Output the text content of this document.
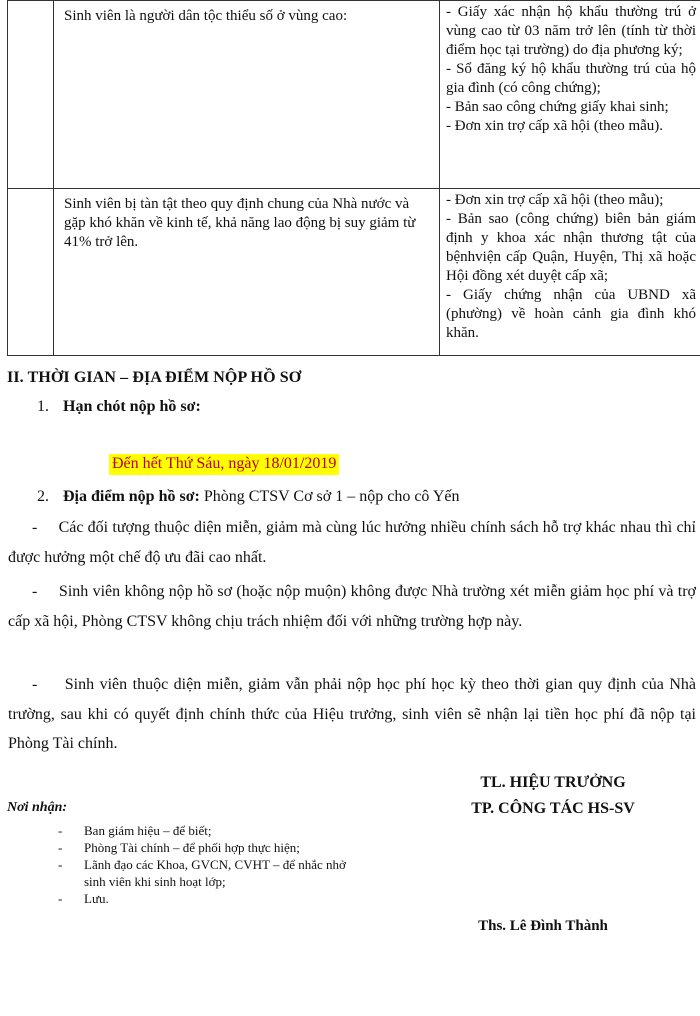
	Sinh viên là người dân tộc thiểu số ở vùng cao:	- Giấy xác nhận hộ khẩu thường trú ở vùng cao từ 03 năm trở lên (tính từ thời điểm học tại trường) do địa phương ký;
- Sổ đăng ký hộ khẩu thường trú của hộ gia đình (có công chứng);
- Bản sao công chứng giấy khai sinh;
- Đơn xin trợ cấp xã hội (theo mẫu).

	Sinh viên bị tàn tật theo quy định chung của Nhà nước và gặp khó khăn về kinh tế, khả năng lao động bị suy giảm từ 41% trở lên.	- Đơn xin trợ cấp xã hội (theo mẫu);
- Bản sao (công chứng) biên bản giám định y khoa xác nhận thương tật của bệnhviện cấp Quận, Huyện, Thị xã hoặc Hội đồng xét duyệt cấp xã;
- Giấy chứng nhận của UBND xã (phường) về hoàn cảnh gia đình khó khăn.
II. THỜI GIAN – ĐỊA ĐIỂM NỘP HỒ SƠ
1. Hạn chót nộp hồ sơ:
Đến hết Thứ Sáu, ngày 18/01/2019
2. Địa điểm nộp hồ sơ: Phòng CTSV Cơ sở 1 – nộp cho cô Yến
- Các đối tượng thuộc diện miễn, giảm mà cùng lúc hưởng nhiều chính sách hỗ trợ khác nhau thì chỉ được hưởng một chế độ ưu đãi cao nhất.
- Sinh viên không nộp hồ sơ (hoặc nộp muộn) không được Nhà trường xét miễn giảm học phí và trợ cấp xã hội, Phòng CTSV không chịu trách nhiệm đối với những trường hợp này.
- Sinh viên thuộc diện miễn, giảm vẫn phải nộp học phí học kỳ theo thời gian quy định của Nhà trường, sau khi có quyết định chính thức của Hiệu trưởng, sinh viên sẽ nhận lại tiền học phí đã nộp tại Phòng Tài chính.
TL. HIỆU TRƯỞNG
TP. CÔNG TÁC HS-SV
Ths. Lê Đình Thành
Nơi nhận:
- Ban giám hiệu – để biết;
- Phòng Tài chính – để phối hợp thực hiện;
- Lãnh đạo các Khoa, GVCN, CVHT – để nhắc nhở sinh viên khi sinh hoạt lớp;
- Lưu.
